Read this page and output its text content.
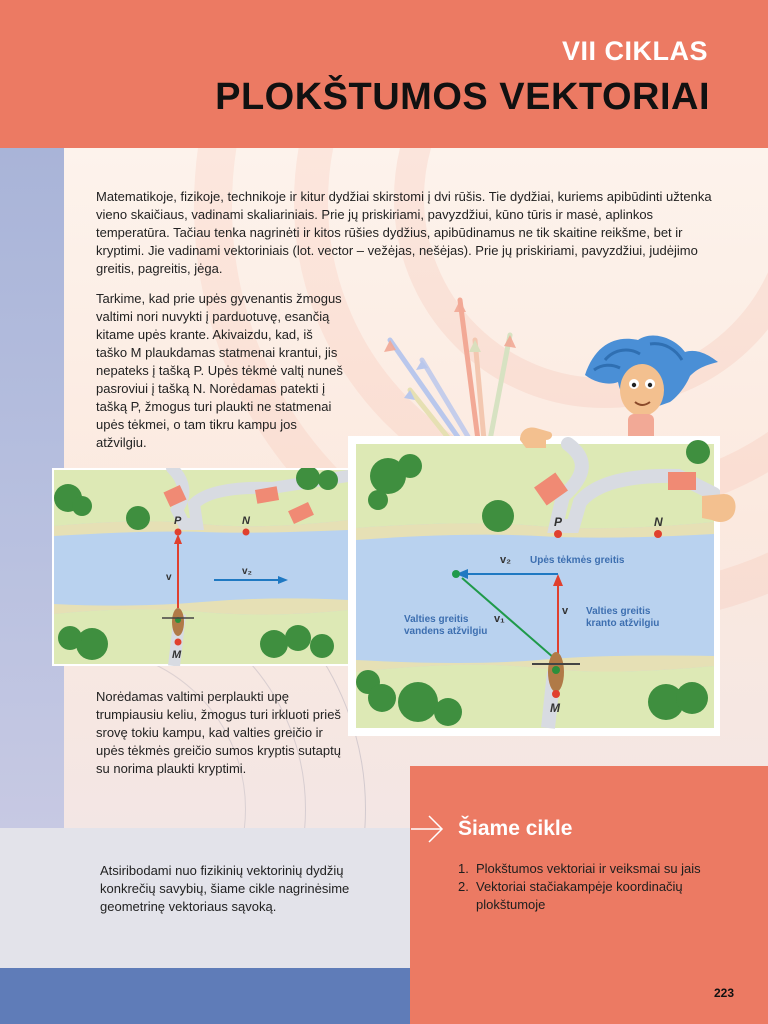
VII CIKLAS
PLOKŠTUMOS VEKTORIAI
Matematikoje, fizikoje, technikoje ir kitur dydžiai skirstomi į dvi rūšis. Tie dydžiai, kuriems apibūdinti užtenka vieno skaičiaus, vadinami skaliariniais. Prie jų priskiriami, pavyzdžiui, kūno tūris ir masė, aplinkos temperatūra. Tačiau tenka nagrinėti ir kitos rūšies dydžius, apibūdinamus ne tik skaitine reikšme, bet ir kryptimi. Jie vadinami vektoriniais (lot. vector – vežėjas, nešėjas). Prie jų priskiriami, pavyzdžiui, judėjimo greitis, pagreitis, jėga.
Tarkime, kad prie upės gyvenantis žmogus valtimi nori nuvykti į parduotuvę, esančią kitame upės krante. Akivaizdu, kad, iš taško M plaukdamas statmenai krantui, jis nepateks į tašką P. Upės tėkmė valtį nuneš pasroviui į tašką N. Norėdamas patekti į tašką P, žmogus turi plaukti ne statmenai upės tėkmei, o tam tikru kampu jos atžvilgiu.
P	N
v
v₂
M
P	N
v
v₂ Upės tėkmės greitis
v₁
Valties greitis
vandens atžvilgiu
Valties greitis
kranto atžvilgiu
M
Norėdamas valtimi perplaukti upę trumpiausiu keliu, žmogus turi irkluoti prieš srovę tokiu kampu, kad valties greičio ir upės tėkmės greičio sumos kryptis sutaptų su norima plaukti kryptimi.
Atsiribodami nuo fizikinių vektorinių dydžių konkrečių savybių, šiame cikle nagrinėsime geometrinę vektoriaus sąvoką.
Šiame cikle
1. Plokštumos vektoriai ir veiksmai su jais
2. Vektoriai stačiakampėje koordinačių plokštumoje
223
